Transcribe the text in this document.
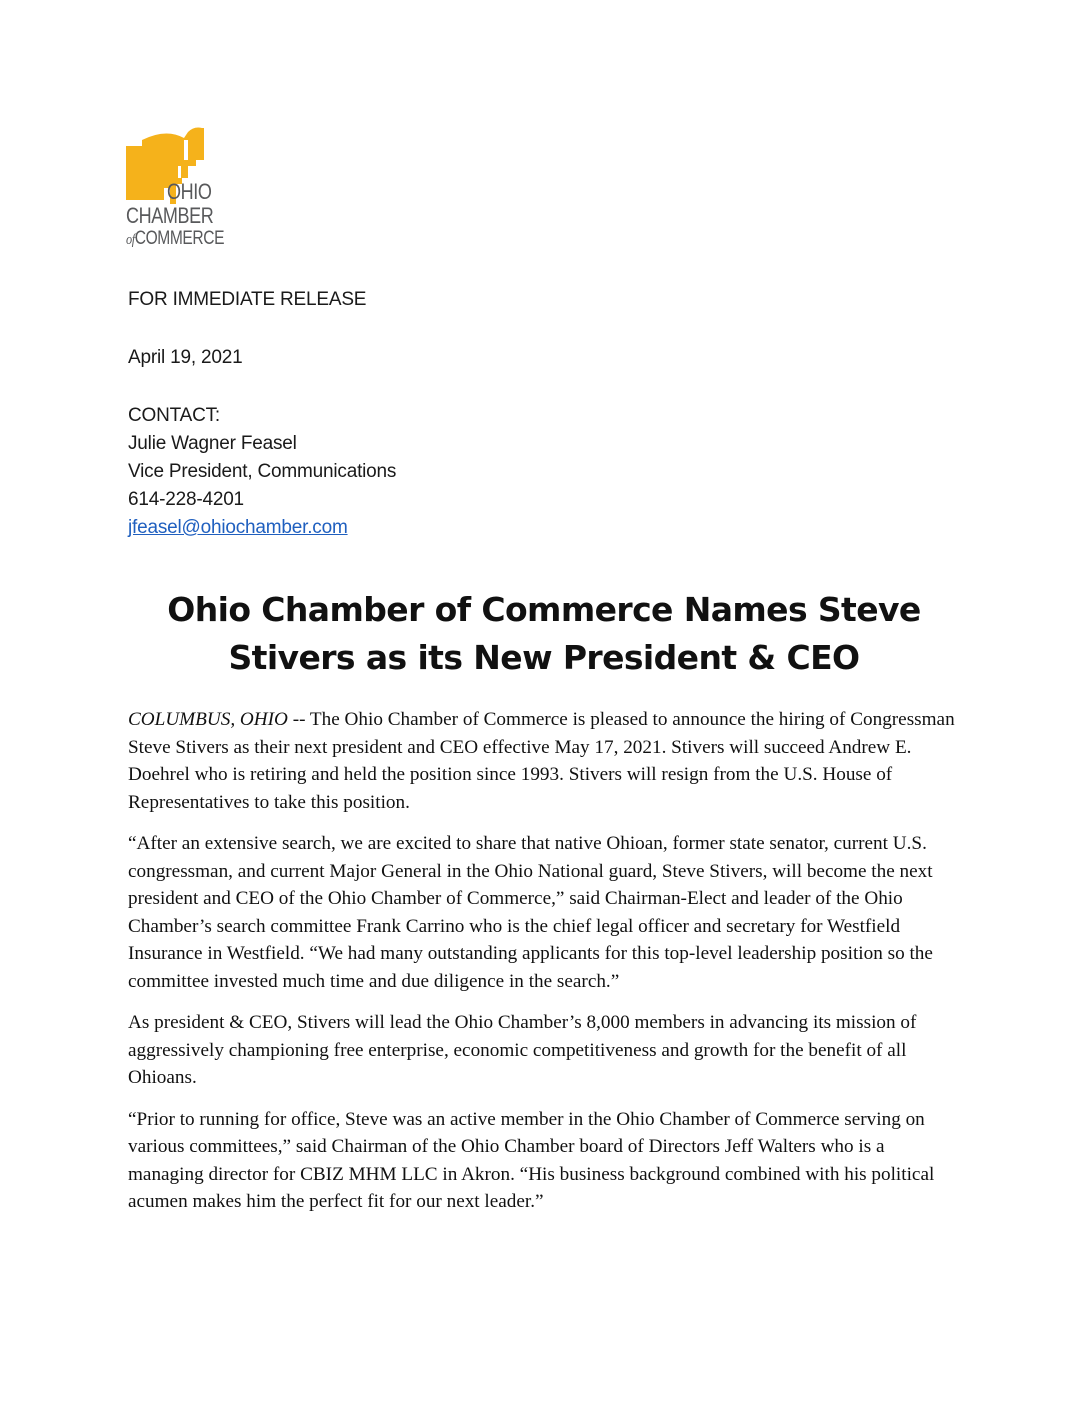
OHIO
CHAMBER
ofCOMMERCE
FOR IMMEDIATE RELEASE
April 19, 2021
CONTACT:
Julie Wagner Feasel
Vice President, Communications
614-228-4201
jfeasel@ohiochamber.com
Ohio Chamber of Commerce Names Steve
Stivers as its New President & CEO

COLUMBUS, OHIO -- The Ohio Chamber of Commerce is pleased to announce the hiring of Congressman Steve Stivers as their next president and CEO effective May 17, 2021. Stivers will succeed Andrew E. Doehrel who is retiring and held the position since 1993. Stivers will resign from the U.S. House of Representatives to take this position.

“After an extensive search, we are excited to share that native Ohioan, former state senator, current U.S. congressman, and current Major General in the Ohio National guard, Steve Stivers, will become the next president and CEO of the Ohio Chamber of Commerce,” said Chairman-Elect and leader of the Ohio Chamber’s search committee Frank Carrino who is the chief legal officer and secretary for Westfield Insurance in Westfield. “We had many outstanding applicants for this top-level leadership position so the committee invested much time and due diligence in the search.”

As president & CEO, Stivers will lead the Ohio Chamber’s 8,000 members in advancing its mission of aggressively championing free enterprise, economic competitiveness and growth for the benefit of all Ohioans.

“Prior to running for office, Steve was an active member in the Ohio Chamber of Commerce serving on various committees,” said Chairman of the Ohio Chamber board of Directors Jeff Walters who is a managing director for CBIZ MHM LLC in Akron. “His business background combined with his political acumen makes him the perfect fit for our next leader.”
